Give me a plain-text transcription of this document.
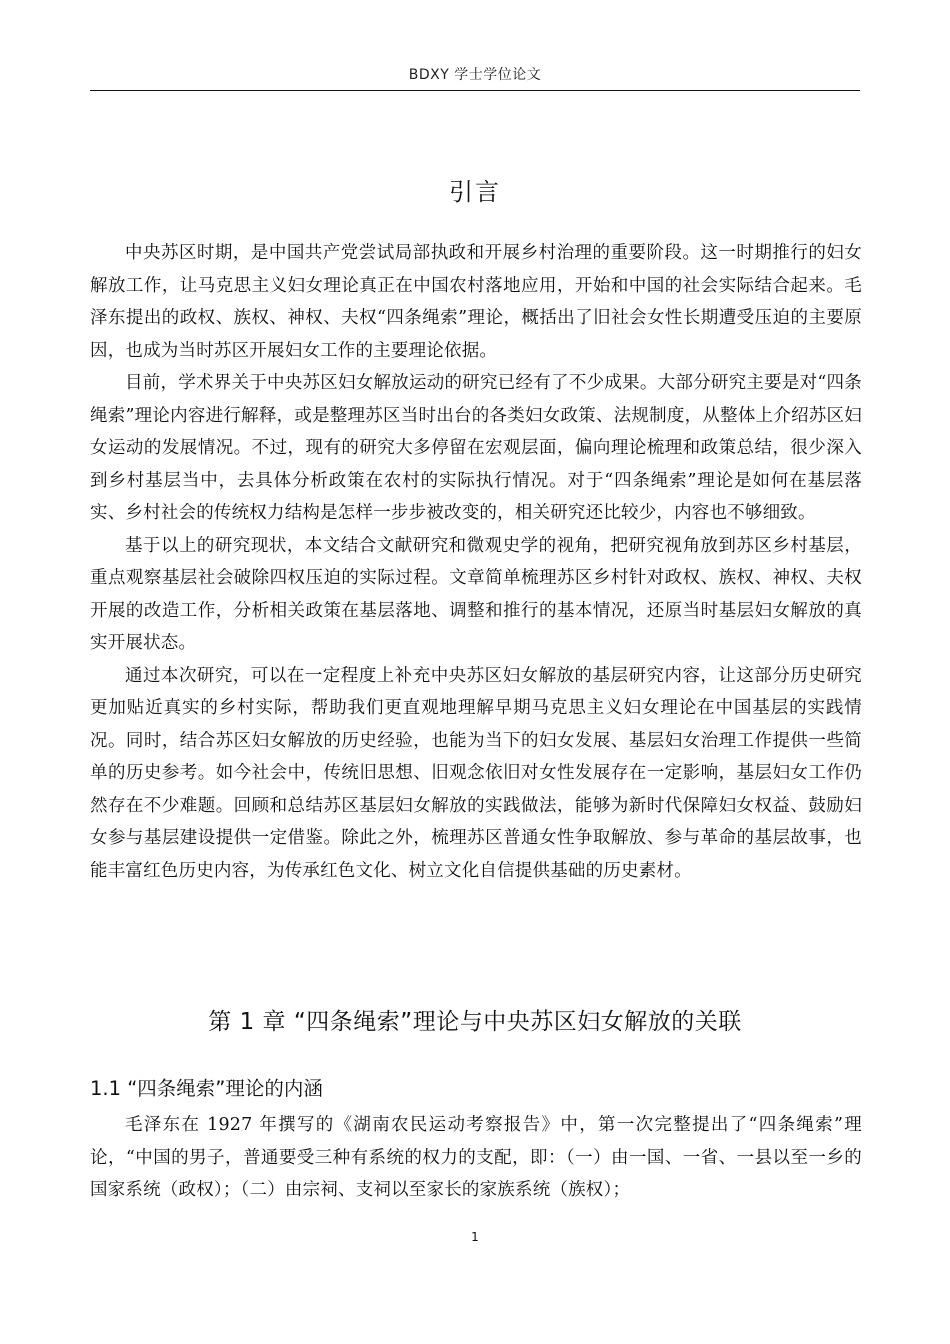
BDXY 学士学位论文
引言

中央苏区时期，是中国共产党尝试局部执政和开展乡村治理的重要阶段。这一时期推行的妇女解放工作，让马克思主义妇女理论真正在中国农村落地应用，开始和中国的社会实际结合起来。毛泽东提出的政权、族权、神权、夫权“四条绳索”理论，概括出了旧社会女性长期遭受压迫的主要原因，也成为当时苏区开展妇女工作的主要理论依据。

目前，学术界关于中央苏区妇女解放运动的研究已经有了不少成果。大部分研究主要是对“四条绳索”理论内容进行解释，或是整理苏区当时出台的各类妇女政策、法规制度，从整体上介绍苏区妇女运动的发展情况。不过，现有的研究大多停留在宏观层面，偏向理论梳理和政策总结，很少深入到乡村基层当中，去具体分析政策在农村的实际执行情况。对于“四条绳索”理论是如何在基层落实、乡村社会的传统权力结构是怎样一步步被改变的，相关研究还比较少，内容也不够细致。

基于以上的研究现状，本文结合文献研究和微观史学的视角，把研究视角放到苏区乡村基层，重点观察基层社会破除四权压迫的实际过程。文章简单梳理苏区乡村针对政权、族权、神权、夫权开展的改造工作，分析相关政策在基层落地、调整和推行的基本情况，还原当时基层妇女解放的真实开展状态。

通过本次研究，可以在一定程度上补充中央苏区妇女解放的基层研究内容，让这部分历史研究更加贴近真实的乡村实际，帮助我们更直观地理解早期马克思主义妇女理论在中国基层的实践情况。同时，结合苏区妇女解放的历史经验，也能为当下的妇女发展、基层妇女治理工作提供一些简单的历史参考。如今社会中，传统旧思想、旧观念依旧对女性发展存在一定影响，基层妇女工作仍然存在不少难题。回顾和总结苏区基层妇女解放的实践做法，能够为新时代保障妇女权益、鼓励妇女参与基层建设提供一定借鉴。除此之外，梳理苏区普通女性争取解放、参与革命的基层故事，也能丰富红色历史内容，为传承红色文化、树立文化自信提供基础的历史素材。

第 1 章 “四条绳索”理论与中央苏区妇女解放的关联
1.1 “四条绳索”理论的内涵

毛泽东在 1927 年撰写的《湖南农民运动考察报告》中，第一次完整提出了“四条绳索”理论，“中国的男子，普通要受三种有系统的权力的支配，即：（一）由一国、一省、一县以至一乡的国家系统（政权）；（二）由宗祠、支祠以至家长的家族系统（族权）；

1
